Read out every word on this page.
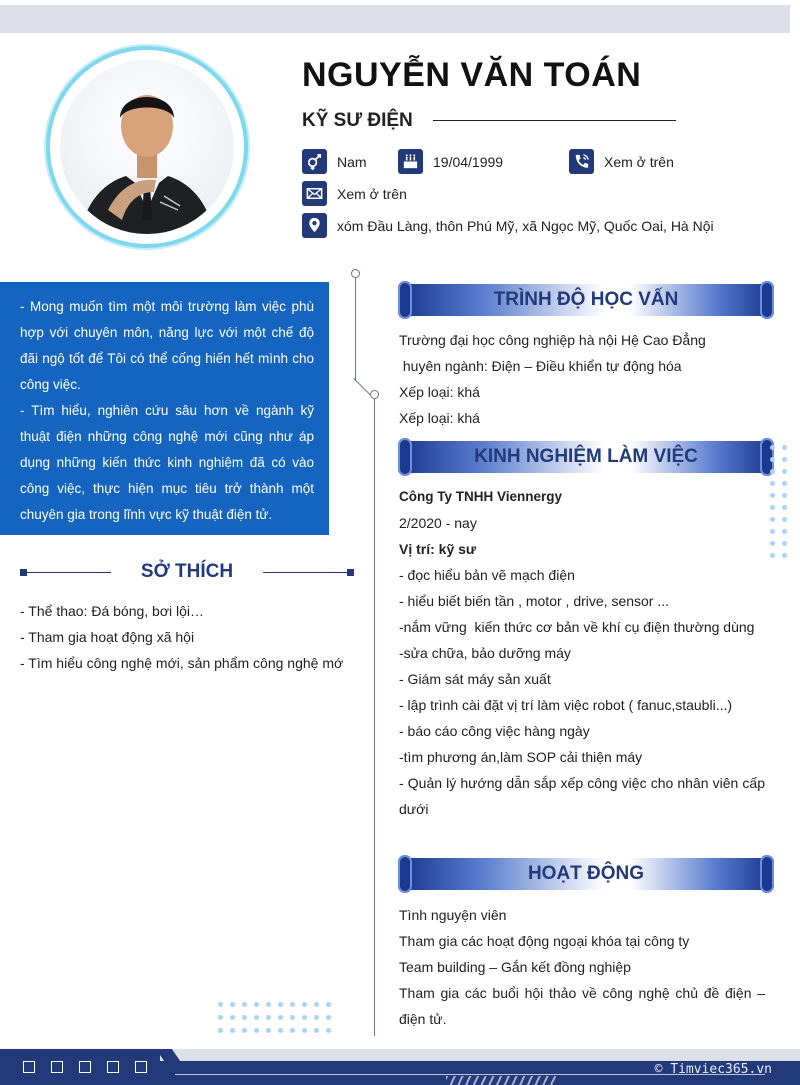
NGUYỄN VĂN TOÁN
KỸ SƯ ĐIỆN
Nam	19/04/1999	Xem ở trên
Xem ở trên
xóm Đầu Làng, thôn Phú Mỹ, xã Ngọc Mỹ, Quốc Oai, Hà Nội

- Mong muốn tìm một môi trường làm việc phù hợp với chuyên môn, năng lực với một chế độ đãi ngộ tốt để Tôi có thể cống hiến hết mình cho công việc.

- Tìm hiểu, nghiên cứu sâu hơn về ngành kỹ thuật điện những công nghệ mới cũng như áp dụng những kiến thức kinh nghiệm đã có vào công việc, thực hiện mục tiêu trở thành một chuyên gia trong lĩnh vực kỹ thuật điện tử.

SỞ THÍCH
- Thể thao: Đá bóng, bơi lội…
- Tham gia hoạt động xã hội
- Tìm hiểu công nghệ mới, sản phẩm công nghệ mớ
TRÌNH ĐỘ HỌC VẤN
Trường đại học công nghiệp hà nội Hệ Cao Đẳng
huyên ngành: Điện – Điều khiển tự động hóa
Xếp loại: khá
Xếp loại: khá
KINH NGHIỆM LÀM VIỆC
Công Ty TNHH Viennergy
2/2020 - nay
Vị trí: kỹ sư
- đọc hiểu bản vẽ mạch điện
- hiểu biết biến tần , motor , drive, sensor ...
-nắm vững  kiến thức cơ bản về khí cụ điện thường dùng
-sửa chữa, bảo dưỡng máy
- Giám sát máy sản xuất
- lập trình cài đặt vị trí làm việc robot ( fanuc,staubli...)
- báo cáo công việc hàng ngày
-tìm phương án,làm SOP cải thiện máy
- Quản lý hướng dẫn sắp xếp công việc cho nhân viên cấp dưới
HOẠT ĐỘNG
Tình nguyện viên
Tham gia các hoạt động ngoại khóa tại công ty
Team building – Gắn kết đồng nghiệp
Tham gia các buổi hội thảo về công nghệ chủ đề điện – điện tử.
© Timviec365.vn
